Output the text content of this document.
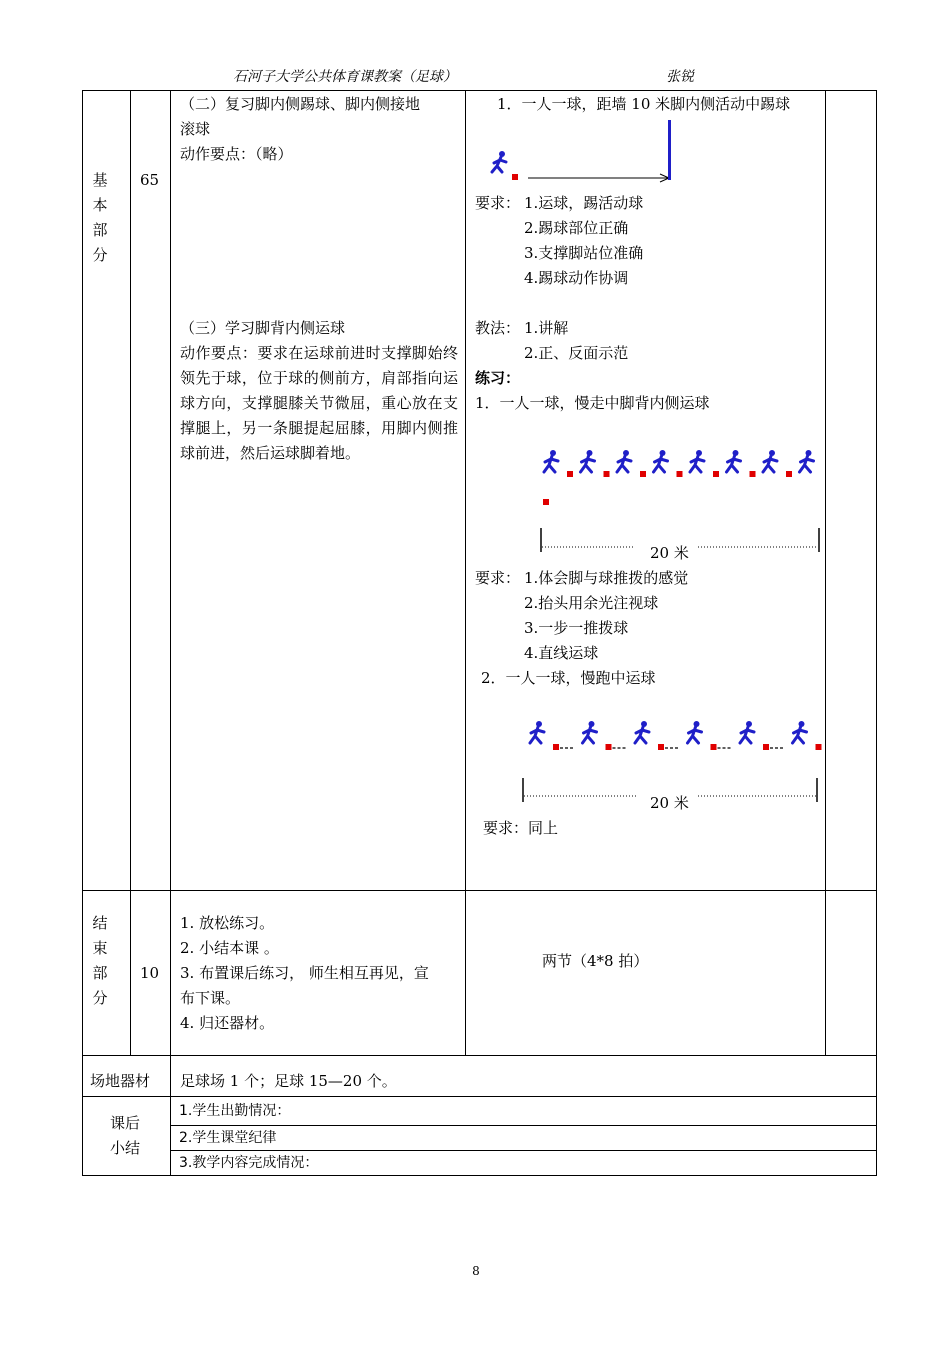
石河子大学公共体育课教案（足球）	张锐
基
本
部
分
65
（二）复习脚内侧踢球、脚内侧接地
滚球
动作要点：（略）
（三）学习脚背内侧运球
动作要点：要求在运球前进时支撑脚始终领先于球，位于球的侧前方，肩部指向运球方向，支撑腿膝关节微屈，重心放在支撑腿上，另一条腿提起屈膝，用脚内侧推球前进，然后运球脚着地。
1．一人一球，距墙 10 米脚内侧活动中踢球
要求： 1.运球，踢活动球
2.踢球部位正确
3.支撑脚站位准确
4.踢球动作协调
教法： 1.讲解
2.正、反面示范
练习：
1．一人一球，慢走中脚背内侧运球
20 米
要求： 1.体会脚与球推拨的感觉
2.抬头用余光注视球
3.一步一推拨球
4.直线运球
2．一人一球，慢跑中运球
20 米
要求：同上
结
束
部
分
10
1. 放松练习。
2. 小结本课 。
3. 布置课后练习， 师生相互再见，宣
布下课。
4. 归还器材。
两节（4*8 拍）
场地器材 足球场 1 个；足球 15—20 个。
课后
小结
1.学生出勤情况：
2.学生课堂纪律
3.教学内容完成情况：
8
